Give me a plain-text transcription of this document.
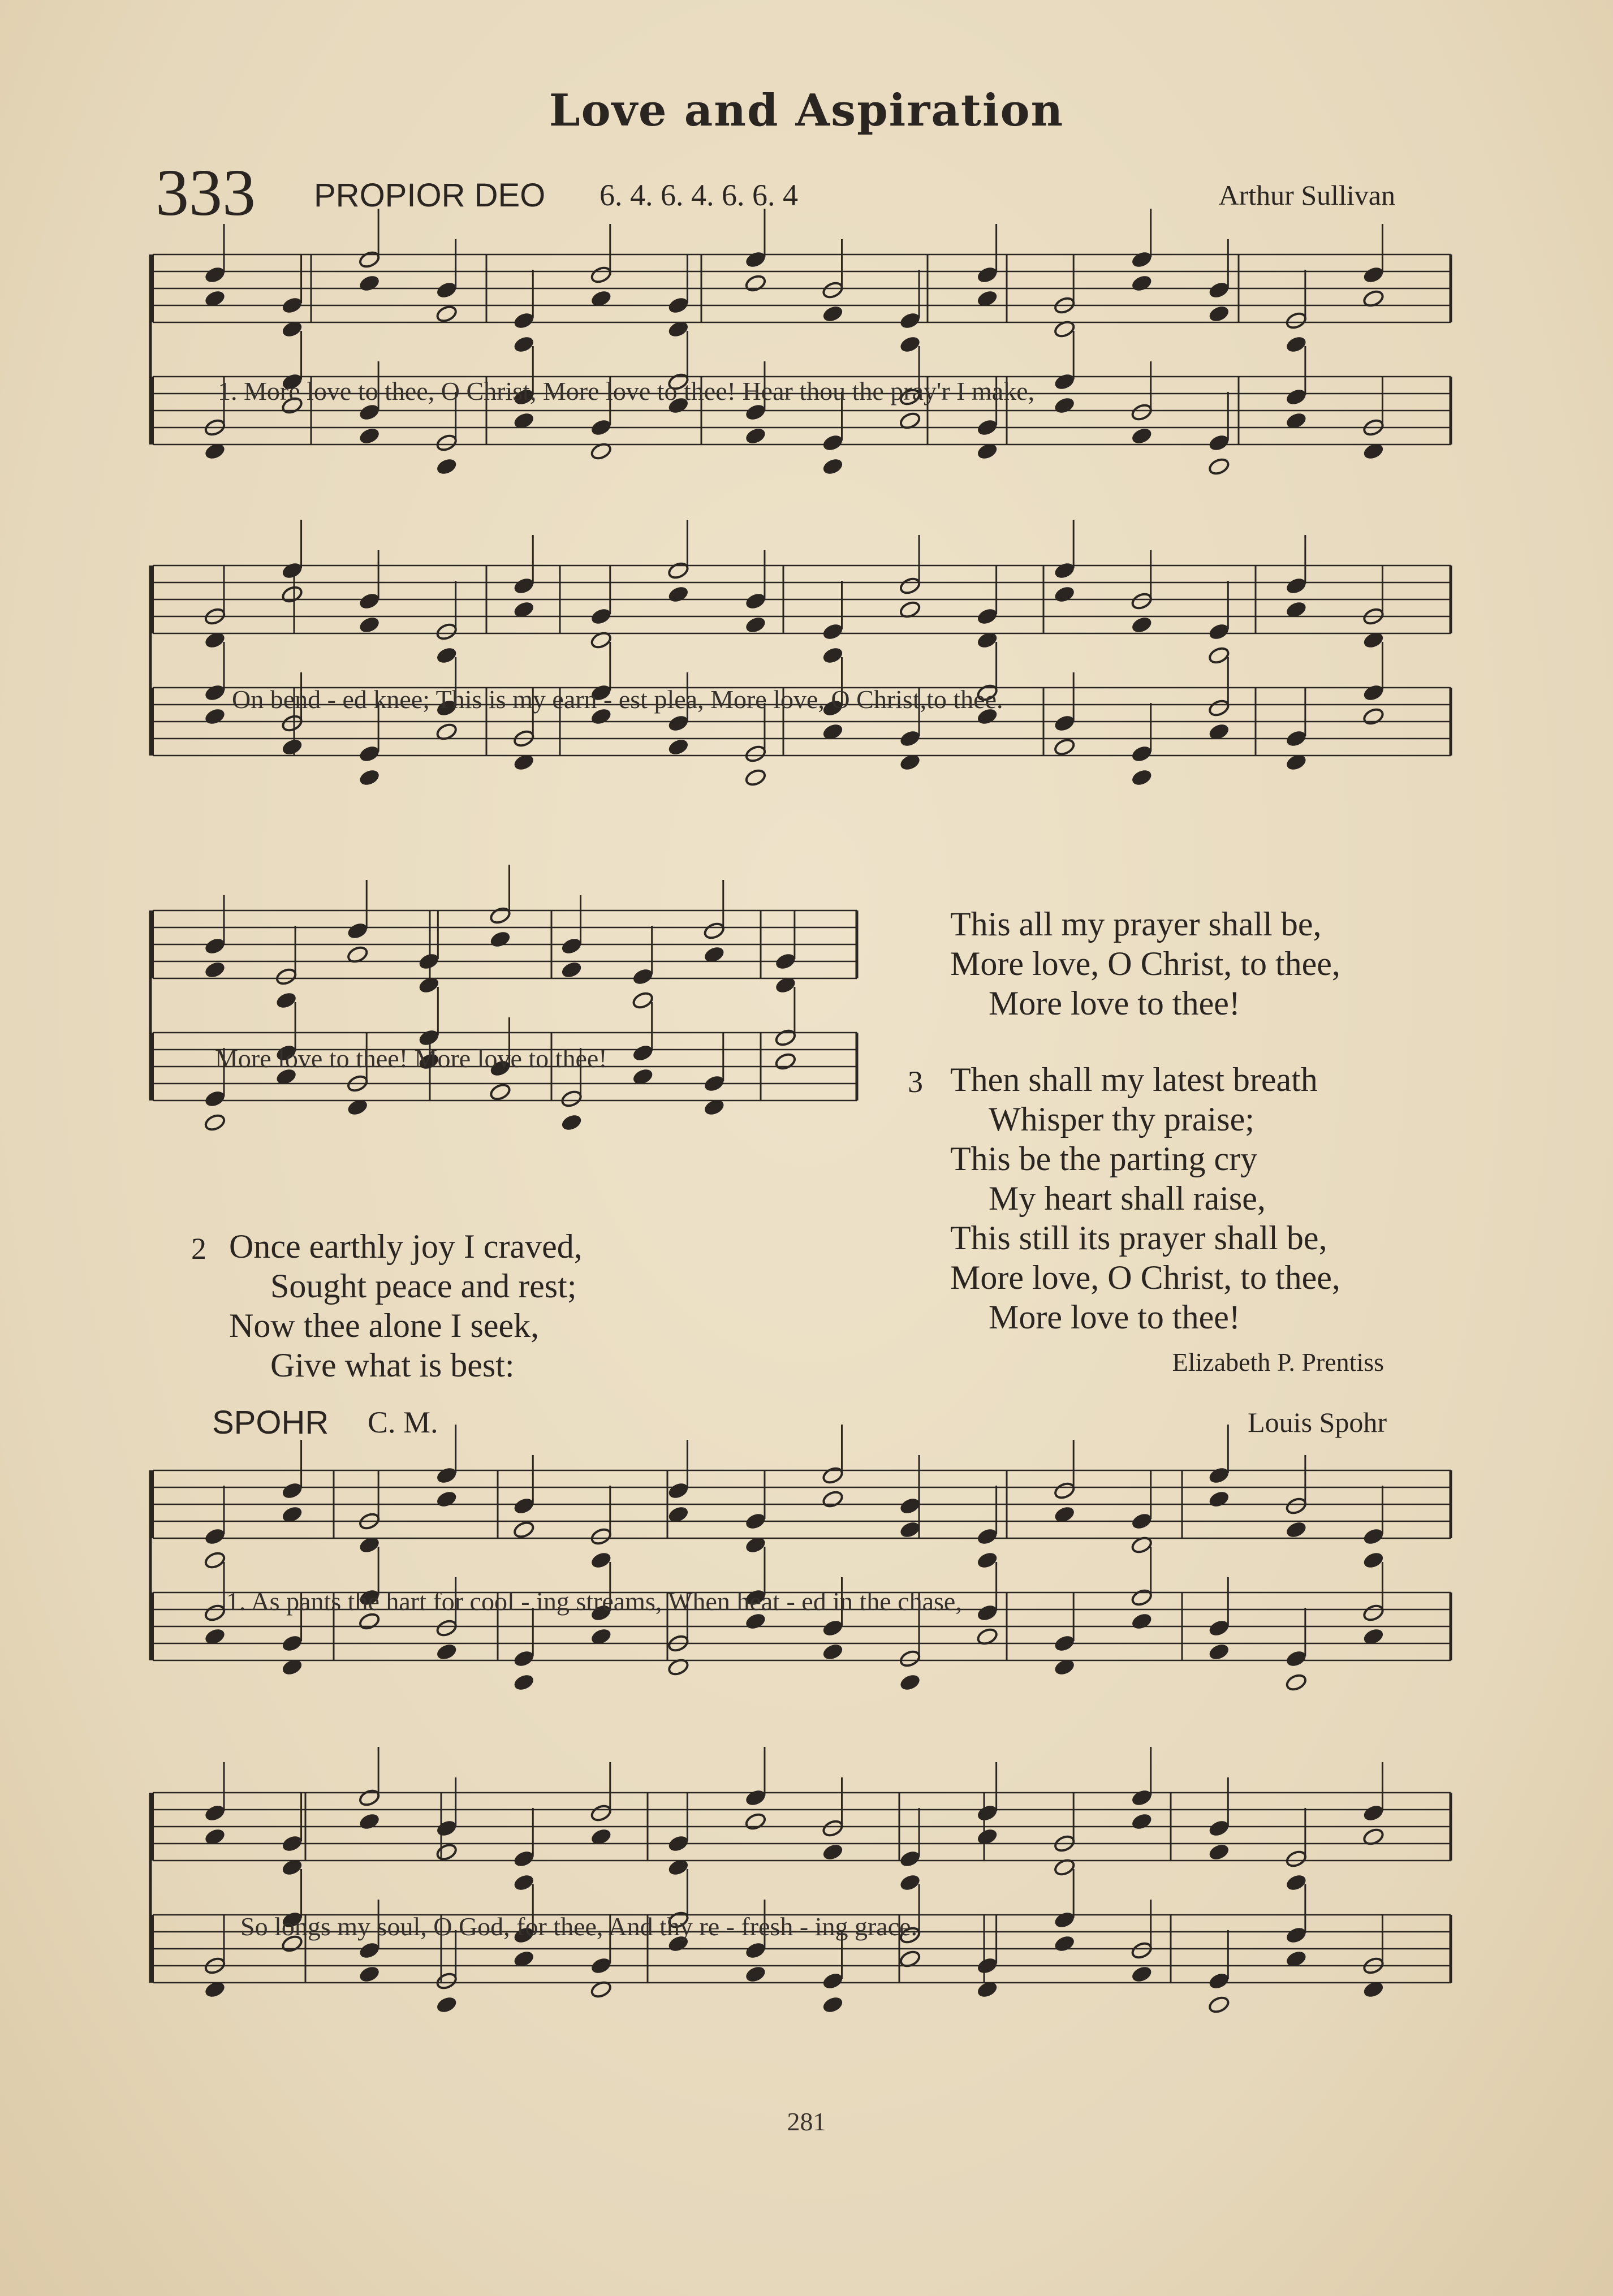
Love and Aspiration
333 PROPIOR DEO 6. 4. 6. 4. 6. 6. 4	Arthur Sullivan
1. More love to thee, O Christ, More love to thee! Hear thou the pray'r I make,
On bend - ed knee; This is my earn - est plea, More love, O Christ,to thee.
More love to thee! More love to thee!
This all my prayer shall be,
More love, O Christ, to thee,
More love to thee!
3 Then shall my latest breath
Whisper thy praise;
This be the parting cry
My heart shall raise,
This still its prayer shall be,
More love, O Christ, to thee,
More love to thee!
Elizabeth P. Prentiss
2 Once earthly joy I craved,
Sought peace and rest;
Now thee alone I seek,
Give what is best:
SPOHR C. M.	Louis Spohr
1. As pants the hart for cool - ing streams, When heat - ed in the chase,
So longs my soul, O God, for thee, And thy re - fresh - ing grace.
281
